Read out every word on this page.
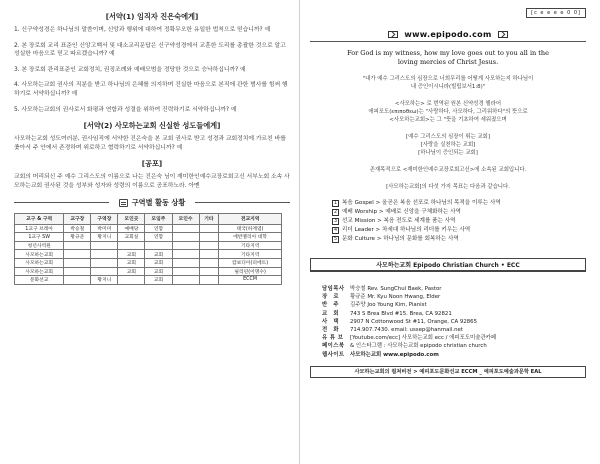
[서약(1) 임직자 진은숙에게]
1. 신구약성경은 하나님의 말씀이며, 신앙과 행위에 대하여 정확무오한 유일한 법칙으로 믿습니까? 예
2. 본 장로회 교리 표준인 신앙고백서 및 대소교리문답은 신구약성경에서 교훈한 도리를 총괄한 것으로 알고 성실한 마음으로 믿고 따르겠습니까? 예
3. 본 장로회 관리표준인 교회정치, 권징조례와 예배모범을 정당한 것으로 승낙하십니까? 예
4. 사모하는교회 권사의 직분을 받고 하나님의 은혜를 의지하며 진실한 마음으로 본직에 관한 범사를 힘써 행하기로 서약하십니까? 예
5. 사모하는교회의 권사로서 화평과 연합과 성결을 위하여 진력하기로 서약하십니까? 예
[서약(2) 사모하는교회 신실한 성도들에게]
사모하는교회 성도여러분, 권사임직에 서약한 진은숙을 본 교회 권사로 받고 성경과 교회정치에 가르친 바를 좇아서 주 안에서 존경하며 위로하고 협력하기로 서약하십니까? 예
[공포]
교회의 머리되신 주 예수 그리스도의 이름으로 나는 진은숙 님이 재미한인예수교장로회고신 서부노회 소속 사모하는교회 권사된 것을 성부와 성자와 성령의 이름으로 공포하노라. 아멘
구역별 활동 상황
교구 & 구역	교구장	구역장	모인곳	모임주	모인수	기타	전교지역
1교구 브레아	박승철	박미미	예배당	연합			태국(하계엽)
1교구 SW	황규준	황지니	교회실	연합			에반젤리아 대학
청년사역원							기타지역
사모하는교회			교회	교회			기타지역
사모하는교회			교회	교회			캄보디아(피에트)
사모하는교회			교회	교회			필리핀(이명수)
문화선교		황지니		교회			ECCM
[c e e e e 0 0]
www.epipodo.com
For God is my witness, how my love goes out to you all in the
loving mercies of Christ Jesus.
"내가 예수 그리스도의 심장으로 너희무리를 어떻게 사모하는지 하나님이
내 증인이시니라(빌립보서1:8)"
<사모하는> 로 번역된 원본 신약성경 헬라어
에피포도(επιποθεω)는 "사랑하다, 사모하다, 그리워하다"의 뜻으로
<사모하는교회>는 그 "뜻을 기초하여 세워졌으며
[예수 그리스도의 심장이 뛰는 교회]
[사랑을 실천하는 교회]
[하나님이 증인되는 교회]
존재목적으로 <재미한인예수교장로회고신>에 소속된 교회입니다.
[사모하는교회]의 다섯 가지 목표는 다음과 같습니다.
1 복음 Gospel > 올곧은 복음 선포로 하나님의 목적을 이루는 사역
2 예배 Worship > 예배로 신앙을 구체화하는 사역
3 선교 Mission > 복음 전도로 세계를 품는 사역
4 리더 Leader > 차세대 하나님의 리더를 키우는 사역
5 문화 Culture > 하나님의 문화를 회복하는 사역
사모하는교회 Epipodo Christian Church • ECC
담임목사	박승철 Rev. SungChul Baek, Pastor
장　로	황규준 Mr. Kyu Noon Hwang, Elder
반　주	김주양 Joo Young Kim, Pianist
교　회	743 S Brea Blvd #15. Brea, CA 92821
사　택	2907 N Cottonwood St #11, Orange, CA 92865
전　화	714.907.7430. email: ussep@hanmail.net
유 튜 브	[Youtube.com/ecc] 사모하는교회 ecc / 에피포도미술관카페
페이스북	& 인스타그램 : 사모하는교회 epipodo christian church
웹사이트	사모하는교회 www.epipodo.com
사모하는교회의 컬쳐비전 > 예피포도문화선교 ECCM _ 예피포도예술과문학 EAL
